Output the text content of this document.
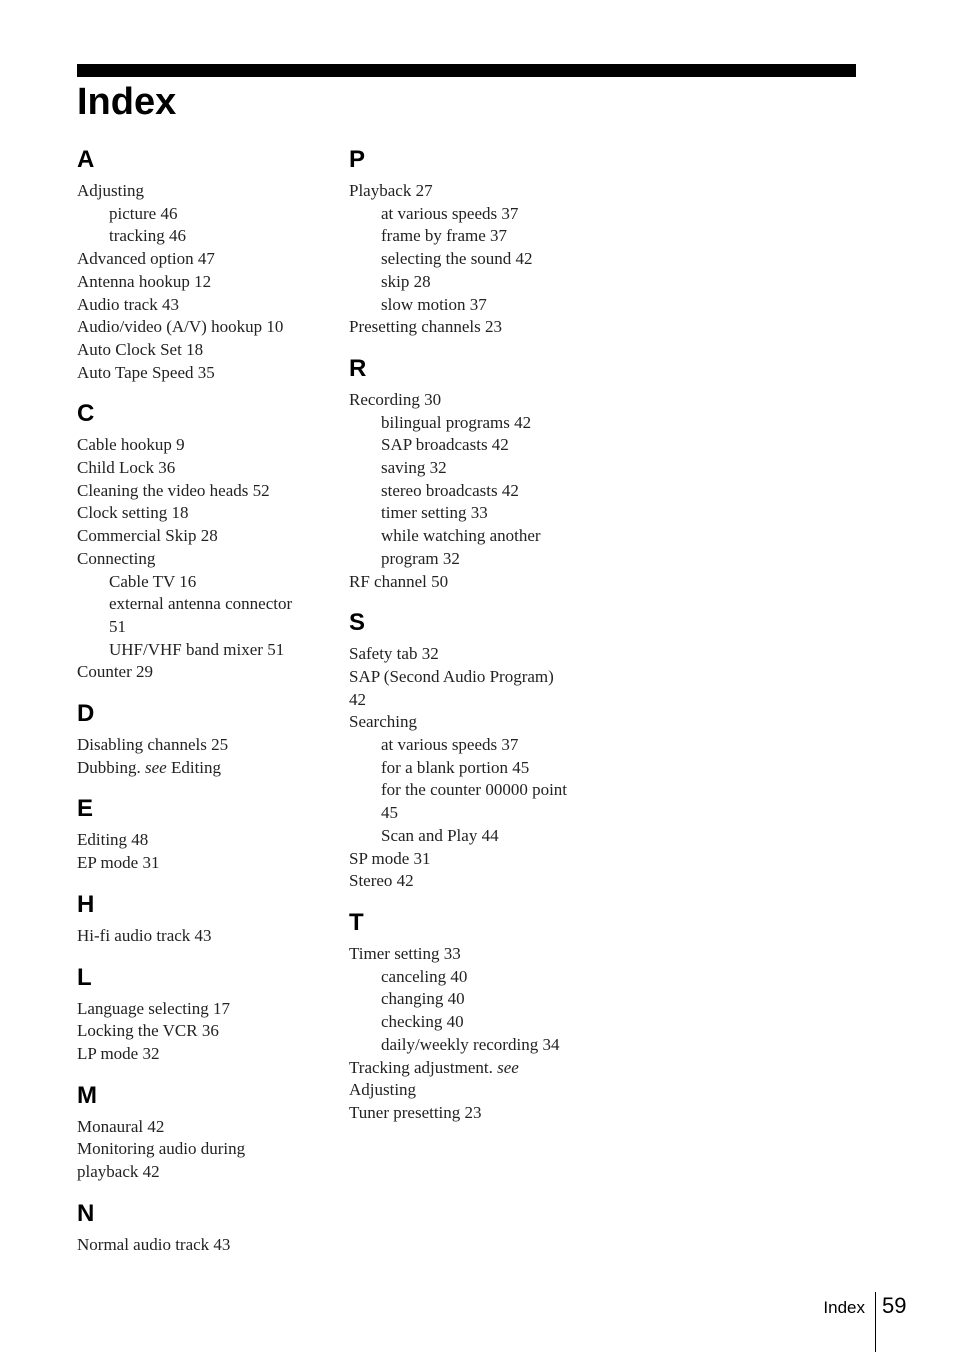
Index
A
Adjusting
picture 46
tracking 46
Advanced option 47
Antenna hookup 12
Audio track 43
Audio/video (A/V) hookup 10
Auto Clock Set 18
Auto Tape Speed 35
C
Cable hookup 9
Child Lock 36
Cleaning the video heads 52
Clock setting 18
Commercial Skip 28
Connecting
Cable TV 16
external antenna connector
51
UHF/VHF band mixer 51
Counter 29
D
Disabling channels 25
Dubbing. see Editing
E
Editing 48
EP mode 31
H
Hi-fi audio track 43
L
Language selecting 17
Locking the VCR 36
LP mode 32
M
Monaural 42
Monitoring audio during
playback 42
N
Normal audio track 43
P
Playback 27
at various speeds 37
frame by frame 37
selecting the sound 42
skip 28
slow motion 37
Presetting channels 23
R
Recording 30
bilingual programs 42
SAP broadcasts 42
saving 32
stereo broadcasts 42
timer setting 33
while watching another
program 32
RF channel 50
S
Safety tab 32
SAP (Second Audio Program)
42
Searching
at various speeds 37
for a blank portion 45
for the counter 00000 point
45
Scan and Play 44
SP mode 31
Stereo 42
T
Timer setting 33
canceling 40
changing 40
checking 40
daily/weekly recording 34
Tracking adjustment. see
Adjusting
Tuner presetting 23
Index 59
